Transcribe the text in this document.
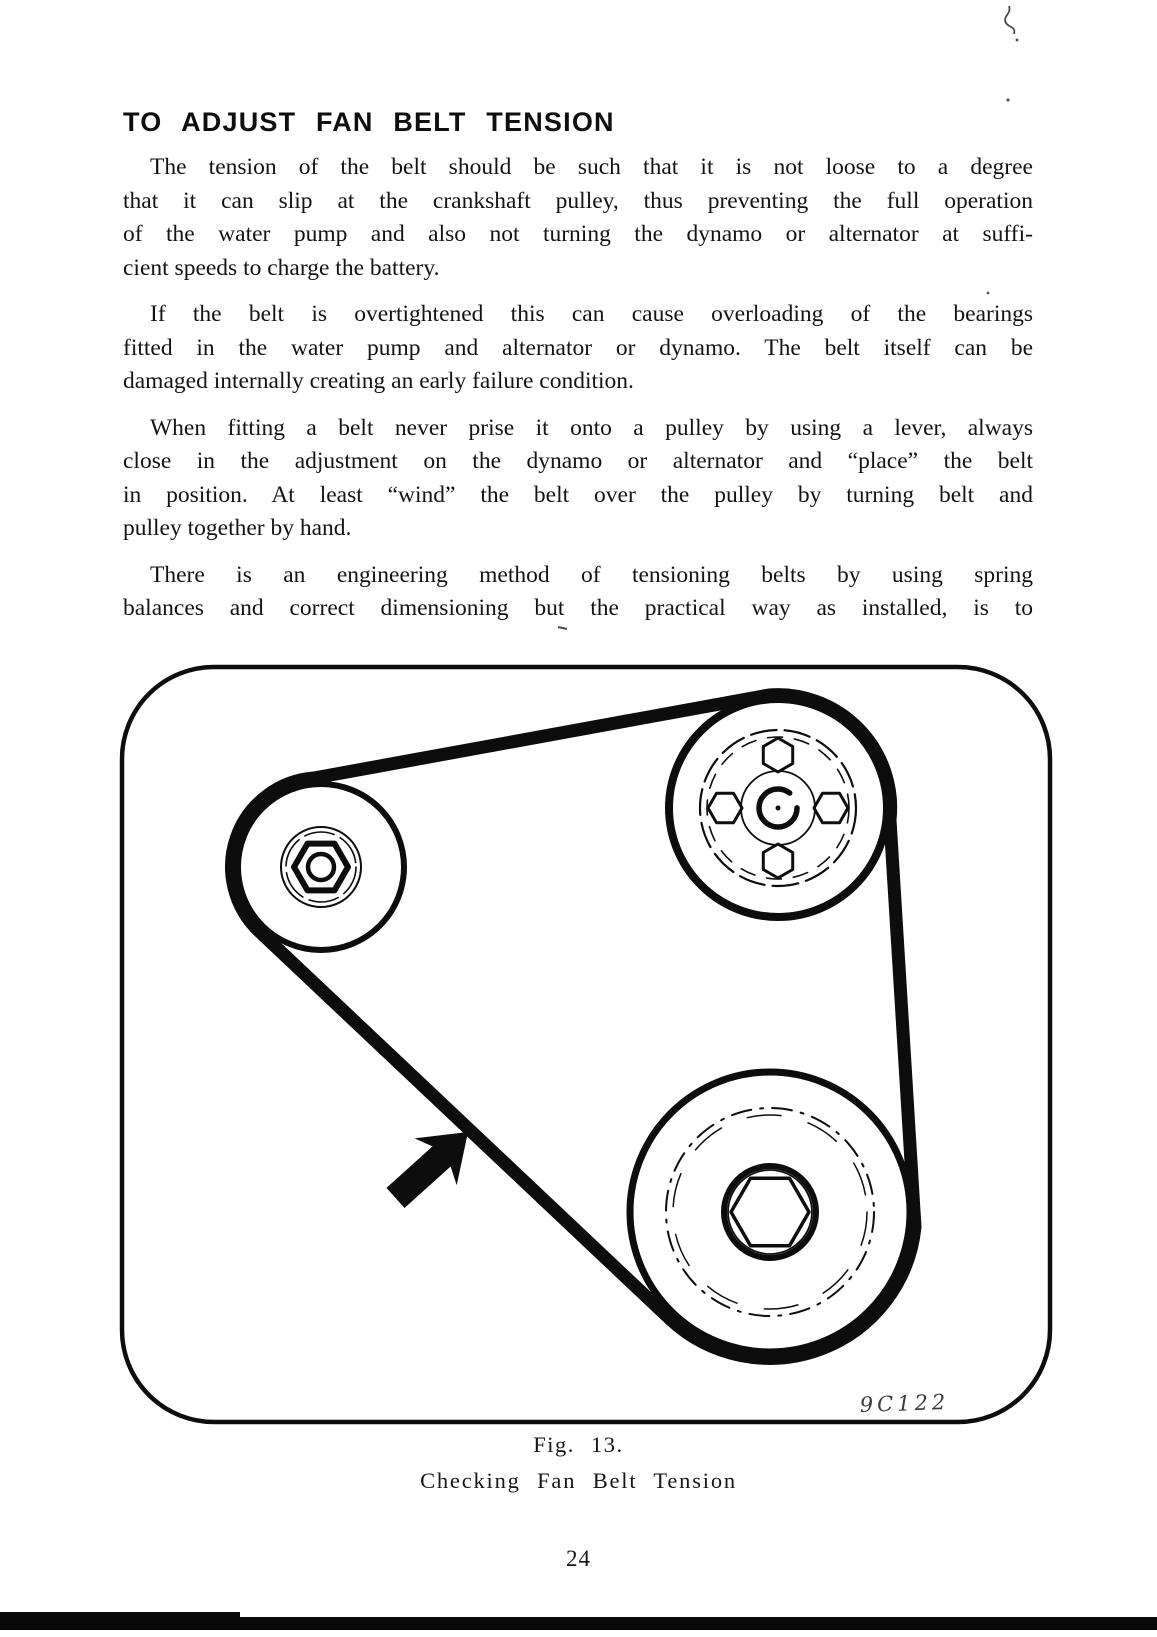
TO ADJUST FAN BELT TENSION
The tension of the belt should be such that it is not loose to a degree
that it can slip at the crankshaft pulley, thus preventing the full operation
of the water pump and also not turning the dynamo or alternator at suffi-
cient speeds to charge the battery.
If the belt is overtightened this can cause overloading of the bearings
fitted in the water pump and alternator or dynamo. The belt itself can be
damaged internally creating an early failure condition.
When fitting a belt never prise it onto a pulley by using a lever, always
close in the adjustment on the dynamo or alternator and “place” the belt
in position. At least “wind” the belt over the pulley by turning belt and
pulley together by hand.
There is an engineering method of tensioning belts by using spring
balances and correct dimensioning but the practical way as installed, is to
9C122
Fig. 13.
Checking Fan Belt Tension
24
